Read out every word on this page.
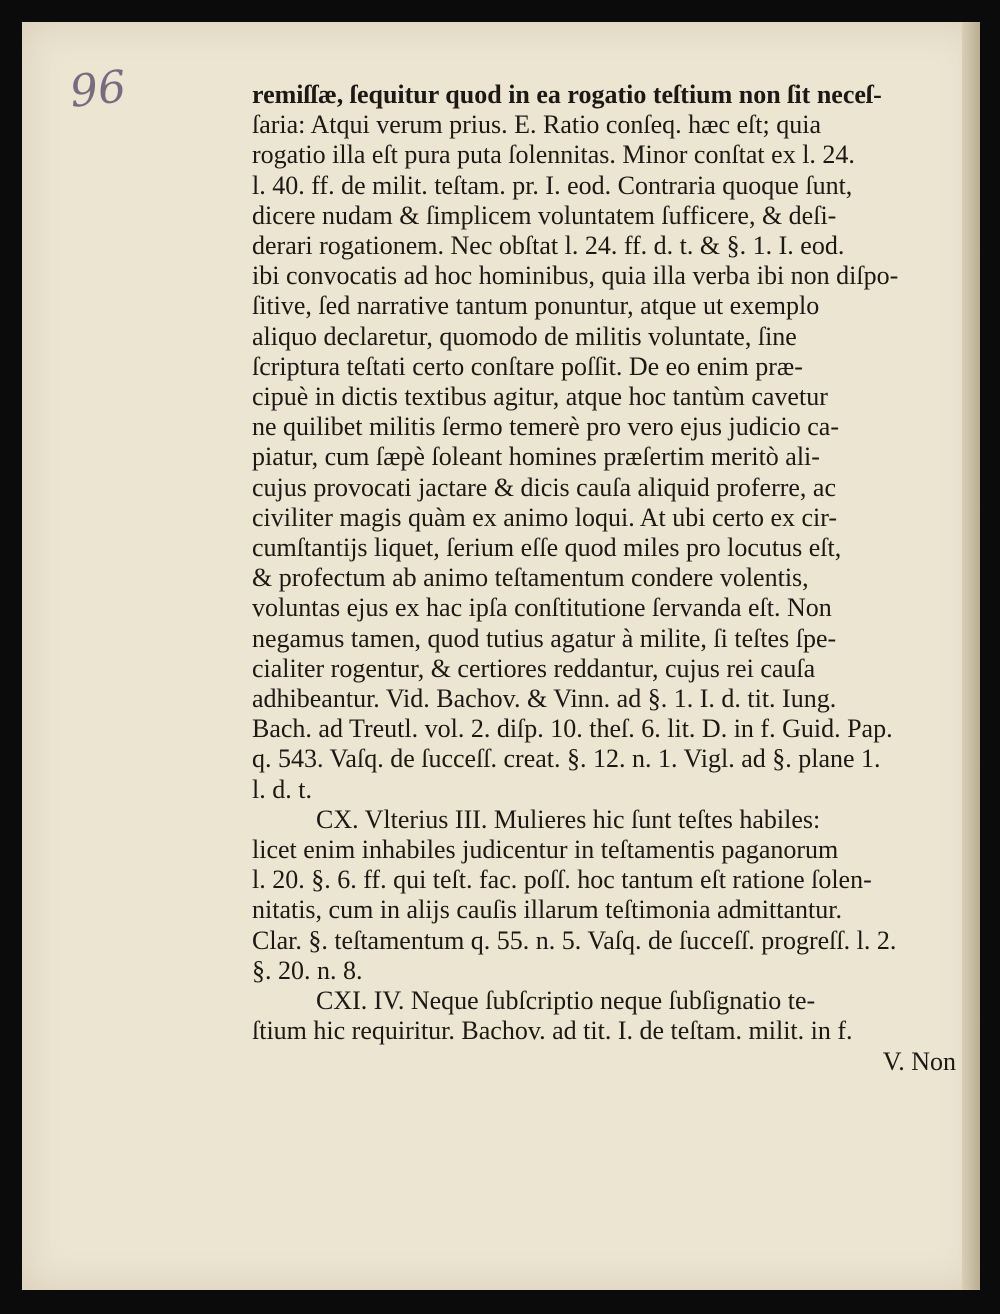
96	remiſſæ, ſequitur quod in ea rogatio teſtium non ſit neceſ-
ſaria: Atqui verum prius. E. Ratio conſeq. hæc eſt; quia
rogatio illa eſt pura puta ſolennitas. Minor conſtat ex l. 24.
l. 40. ff. de milit. teſtam. pr. I. eod. Contraria quoque ſunt,
dicere nudam & ſimplicem voluntatem ſufficere, & deſi-
derari rogationem. Nec obſtat l. 24. ff. d. t. & §. 1. I. eod.
ibi convocatis ad hoc hominibus, quia illa verba ibi non diſpo-
ſitive, ſed narrative tantum ponuntur, atque ut exemplo
aliquo declaretur, quomodo de militis voluntate, ſine
ſcriptura teſtati certo conſtare poſſit. De eo enim præ-
cipuè in dictis textibus agitur, atque hoc tantùm cavetur
ne quilibet militis ſermo temerè pro vero ejus judicio ca-
piatur, cum ſæpè ſoleant homines præſertim meritò ali-
cujus provocati jactare & dicis cauſa aliquid proferre, ac
civiliter magis quàm ex animo loqui. At ubi certo ex cir-
cumſtantijs liquet, ſerium eſſe quod miles pro locutus eſt,
& profectum ab animo teſtamentum condere volentis,
voluntas ejus ex hac ipſa conſtitutione ſervanda eſt. Non
negamus tamen, quod tutius agatur à milite, ſi teſtes ſpe-
cialiter rogentur, & certiores reddantur, cujus rei cauſa
adhibeantur. Vid. Bachov. & Vinn. ad §. 1. I. d. tit. Iung.
Bach. ad Treutl. vol. 2. diſp. 10. theſ. 6. lit. D. in f. Guid. Pap.
q. 543. Vaſq. de ſucceſſ. creat. §. 12. n. 1. Vigl. ad §. plane 1.
l. d. t.
CX. Vlterius III. Mulieres hic ſunt teſtes habiles:
licet enim inhabiles judicentur in teſtamentis paganorum
l. 20. §. 6. ff. qui teſt. fac. poſſ. hoc tantum eſt ratione ſolen-
nitatis, cum in alijs cauſis illarum teſtimonia admittantur.
Clar. §. teſtamentum q. 55. n. 5. Vaſq. de ſucceſſ. progreſſ. l. 2.
§. 20. n. 8.
CXI. IV. Neque ſubſcriptio neque ſubſignatio te-
ſtium hic requiritur. Bachov. ad tit. I. de teſtam. milit. in f.
V. Non
